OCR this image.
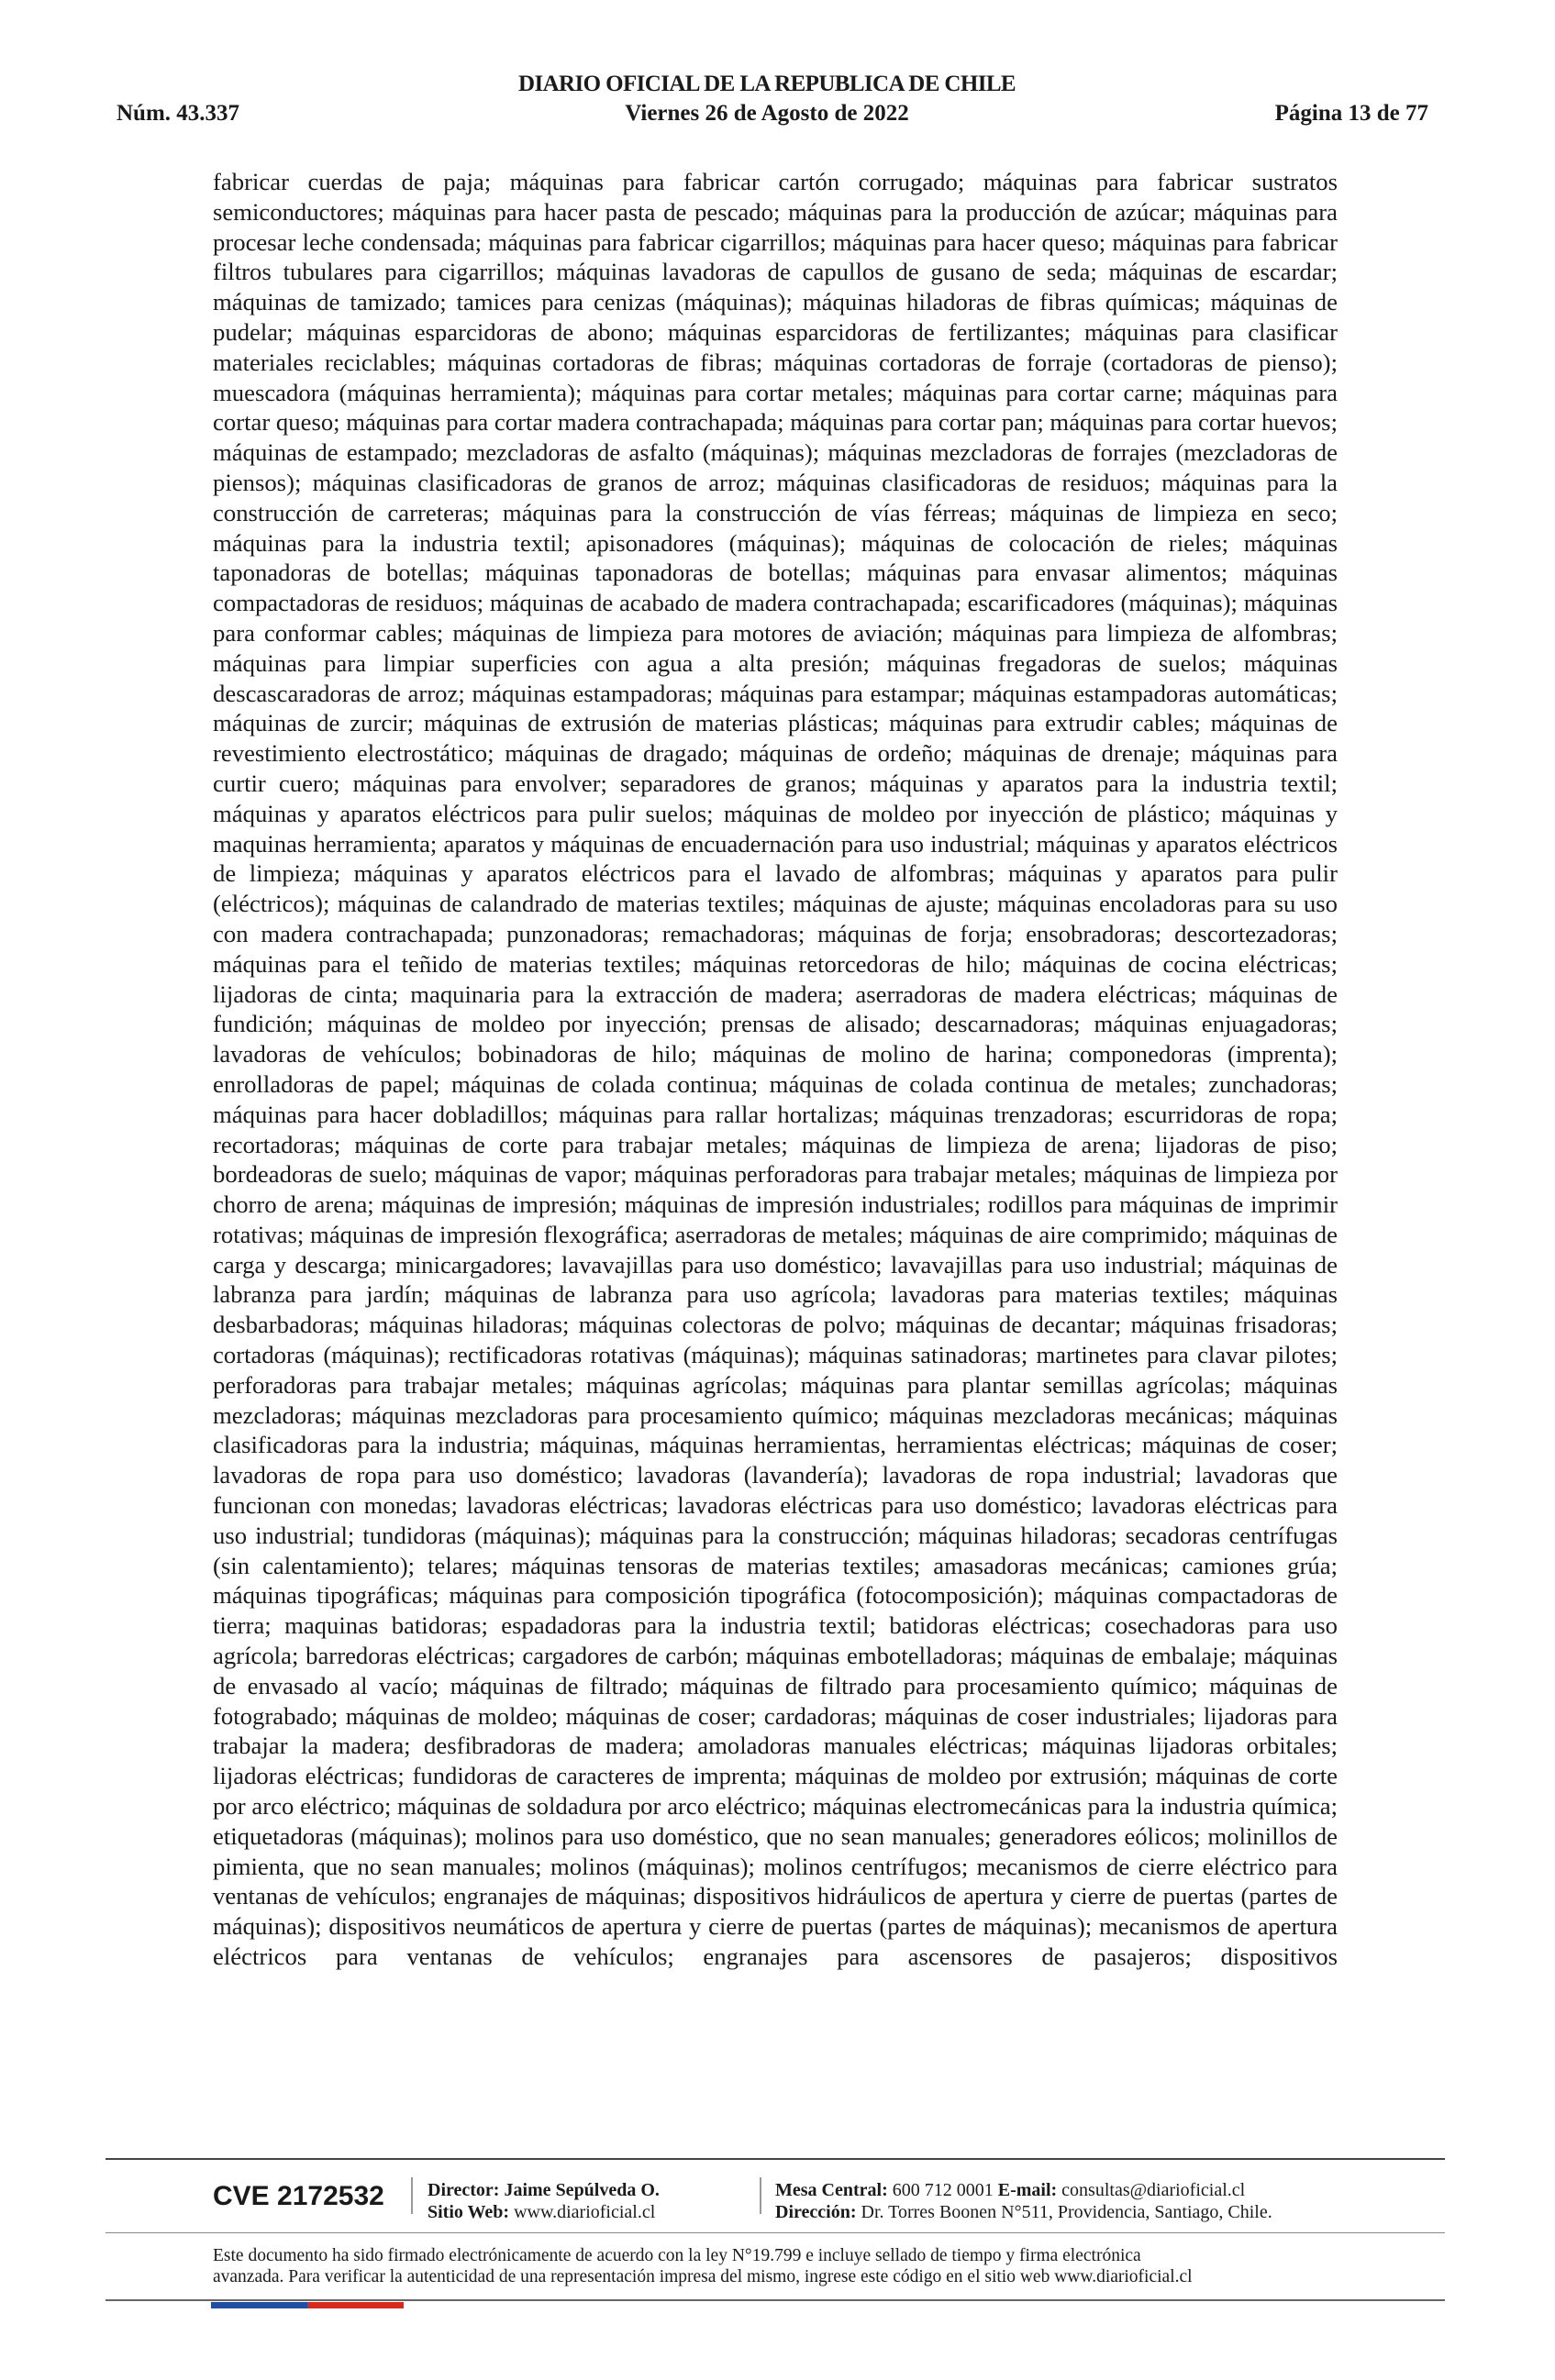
DIARIO OFICIAL DE LA REPUBLICA DE CHILE
Núm. 43.337	Viernes 26 de Agosto de 2022	Página 13 de 77

fabricar cuerdas de paja; máquinas para fabricar cartón corrugado; máquinas para fabricar sustratos semiconductores; máquinas para hacer pasta de pescado; máquinas para la producción de azúcar; máquinas para procesar leche condensada; máquinas para fabricar cigarrillos; máquinas para hacer queso; máquinas para fabricar filtros tubulares para cigarrillos; máquinas lavadoras de capullos de gusano de seda; máquinas de escardar; máquinas de tamizado; tamices para cenizas (máquinas); máquinas hiladoras de fibras químicas; máquinas de pudelar; máquinas esparcidoras de abono; máquinas esparcidoras de fertilizantes; máquinas para clasificar materiales reciclables; máquinas cortadoras de fibras; máquinas cortadoras de forraje (cortadoras de pienso); muescadora (máquinas herramienta); máquinas para cortar metales; máquinas para cortar carne; máquinas para cortar queso; máquinas para cortar madera contrachapada; máquinas para cortar pan; máquinas para cortar huevos; máquinas de estampado; mezcladoras de asfalto (máquinas); máquinas mezcladoras de forrajes (mezcladoras de piensos); máquinas clasificadoras de granos de arroz; máquinas clasificadoras de residuos; máquinas para la construcción de carreteras; máquinas para la construcción de vías férreas; máquinas de limpieza en seco; máquinas para la industria textil; apisonadores (máquinas); máquinas de colocación de rieles; máquinas taponadoras de botellas; máquinas taponadoras de botellas; máquinas para envasar alimentos; máquinas compactadoras de residuos; máquinas de acabado de madera contrachapada; escarificadores (máquinas); máquinas para conformar cables; máquinas de limpieza para motores de aviación; máquinas para limpieza de alfombras; máquinas para limpiar superficies con agua a alta presión; máquinas fregadoras de suelos; máquinas descascaradoras de arroz; máquinas estampadoras; máquinas para estampar; máquinas estampadoras automáticas; máquinas de zurcir; máquinas de extrusión de materias plásticas; máquinas para extrudir cables; máquinas de revestimiento electrostático; máquinas de dragado; máquinas de ordeño; máquinas de drenaje; máquinas para curtir cuero; máquinas para envolver; separadores de granos; máquinas y aparatos para la industria textil; máquinas y aparatos eléctricos para pulir suelos; máquinas de moldeo por inyección de plástico; máquinas y maquinas herramienta; aparatos y máquinas de encuadernación para uso industrial; máquinas y aparatos eléctricos de limpieza; máquinas y aparatos eléctricos para el lavado de alfombras; máquinas y aparatos para pulir (eléctricos); máquinas de calandrado de materias textiles; máquinas de ajuste; máquinas encoladoras para su uso con madera contrachapada; punzonadoras; remachadoras; máquinas de forja; ensobradoras; descortezadoras; máquinas para el teñido de materias textiles; máquinas retorcedoras de hilo; máquinas de cocina eléctricas; lijadoras de cinta; maquinaria para la extracción de madera; aserradoras de madera eléctricas; máquinas de fundición; máquinas de moldeo por inyección; prensas de alisado; descarnadoras; máquinas enjuagadoras; lavadoras de vehículos; bobinadoras de hilo; máquinas de molino de harina; componedoras (imprenta); enrolladoras de papel; máquinas de colada continua; máquinas de colada continua de metales; zunchadoras; máquinas para hacer dobladillos; máquinas para rallar hortalizas; máquinas trenzadoras; escurridoras de ropa; recortadoras; máquinas de corte para trabajar metales; máquinas de limpieza de arena; lijadoras de piso; bordeadoras de suelo; máquinas de vapor; máquinas perforadoras para trabajar metales; máquinas de limpieza por chorro de arena; máquinas de impresión; máquinas de impresión industriales; rodillos para máquinas de imprimir rotativas; máquinas de impresión flexográfica; aserradoras de metales; máquinas de aire comprimido; máquinas de carga y descarga; minicargadores; lavavajillas para uso doméstico; lavavajillas para uso industrial; máquinas de labranza para jardín; máquinas de labranza para uso agrícola; lavadoras para materias textiles; máquinas desbarbadoras; máquinas hiladoras; máquinas colectoras de polvo; máquinas de decantar; máquinas frisadoras; cortadoras (máquinas); rectificadoras rotativas (máquinas); máquinas satinadoras; martinetes para clavar pilotes; perforadoras para trabajar metales; máquinas agrícolas; máquinas para plantar semillas agrícolas; máquinas mezcladoras; máquinas mezcladoras para procesamiento químico; máquinas mezcladoras mecánicas; máquinas clasificadoras para la industria; máquinas, máquinas herramientas, herramientas eléctricas; máquinas de coser; lavadoras de ropa para uso doméstico; lavadoras (lavandería); lavadoras de ropa industrial; lavadoras que funcionan con monedas; lavadoras eléctricas; lavadoras eléctricas para uso doméstico; lavadoras eléctricas para uso industrial; tundidoras (máquinas); máquinas para la construcción; máquinas hiladoras; secadoras centrífugas (sin calentamiento); telares; máquinas tensoras de materias textiles; amasadoras mecánicas; camiones grúa; máquinas tipográficas; máquinas para composición tipográfica (fotocomposición); máquinas compactadoras de tierra; maquinas batidoras; espadadoras para la industria textil; batidoras eléctricas; cosechadoras para uso agrícola; barredoras eléctricas; cargadores de carbón; máquinas embotelladoras; máquinas de embalaje; máquinas de envasado al vacío; máquinas de filtrado; máquinas de filtrado para procesamiento químico; máquinas de fotograbado; máquinas de moldeo; máquinas de coser; cardadoras; máquinas de coser industriales; lijadoras para trabajar la madera; desfibradoras de madera; amoladoras manuales eléctricas; máquinas lijadoras orbitales; lijadoras eléctricas; fundidoras de caracteres de imprenta; máquinas de moldeo por extrusión; máquinas de corte por arco eléctrico; máquinas de soldadura por arco eléctrico; máquinas electromecánicas para la industria química; etiquetadoras (máquinas); molinos para uso doméstico, que no sean manuales; generadores eólicos; molinillos de pimienta, que no sean manuales; molinos (máquinas); molinos centrífugos; mecanismos de cierre eléctrico para ventanas de vehículos; engranajes de máquinas; dispositivos hidráulicos de apertura y cierre de puertas (partes de máquinas); dispositivos neumáticos de apertura y cierre de puertas (partes de máquinas); mecanismos de apertura eléctricos para ventanas de vehículos; engranajes para ascensores de pasajeros; dispositivos

CVE 2172532 Director: Jaime Sepúlveda O.
Sitio Web: www.diarioficial.cl
Mesa Central: 600 712 0001 E-mail: consultas@diarioficial.cl
Dirección: Dr. Torres Boonen N°511, Providencia, Santiago, Chile.
Este documento ha sido firmado electrónicamente de acuerdo con la ley N°19.799 e incluye sellado de tiempo y firma electrónica
avanzada. Para verificar la autenticidad de una representación impresa del mismo, ingrese este código en el sitio web www.diarioficial.cl
